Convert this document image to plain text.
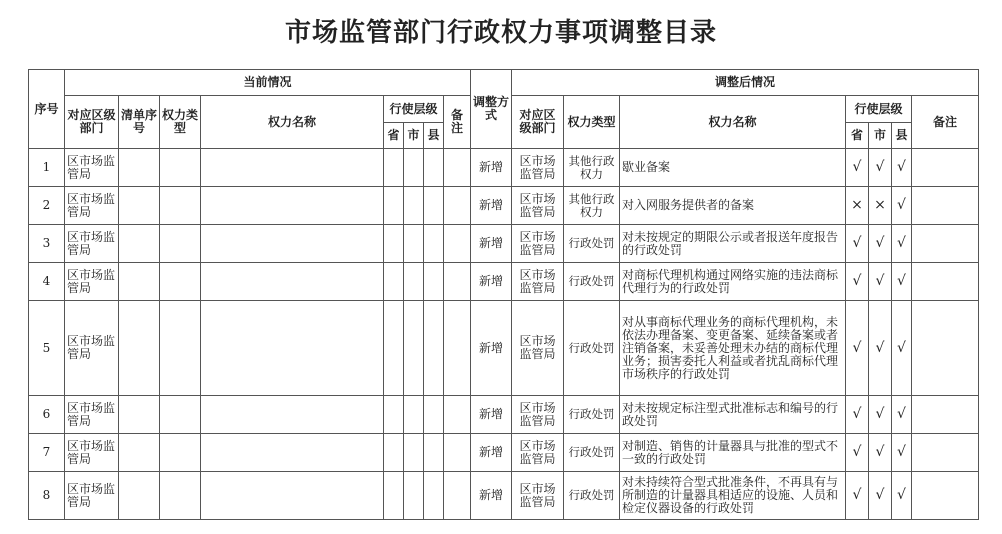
市场监管部门行政权力事项调整目录
序号	当前情况								调整方式	调整后情况						
	对应区级部门	清单序号	权力类型	权力名称	行使层级			备注		对应区级部门	权力类型	权力名称	行使层级			备注
					省	市	县						省	市	县	
1	区市场监管局								新增	区市场监管局	其他行政权力	歇业备案	√	√	√	
2	区市场监管局								新增	区市场监管局	其他行政权力	对入网服务提供者的备案	×	×	√	
3	区市场监管局								新增	区市场监管局	行政处罚	对未按规定的期限公示或者报送年度报告的行政处罚	√	√	√	
4	区市场监管局								新增	区市场监管局	行政处罚	对商标代理机构通过网络实施的违法商标代理行为的行政处罚	√	√	√	
5	区市场监管局								新增	区市场监管局	行政处罚	对从事商标代理业务的商标代理机构，未依法办理备案、变更备案、延续备案或者注销备案，未妥善处理未办结的商标代理业务；损害委托人利益或者扰乱商标代理市场秩序的行政处罚	√	√	√	
6	区市场监管局								新增	区市场监管局	行政处罚	对未按规定标注型式批准标志和编号的行政处罚	√	√	√	
7	区市场监管局								新增	区市场监管局	行政处罚	对制造、销售的计量器具与批准的型式不一致的行政处罚	√	√	√	
8	区市场监管局								新增	区市场监管局	行政处罚	对未持续符合型式批准条件，不再具有与所制造的计量器具相适应的设施、人员和检定仪器设备的行政处罚	√	√	√	
